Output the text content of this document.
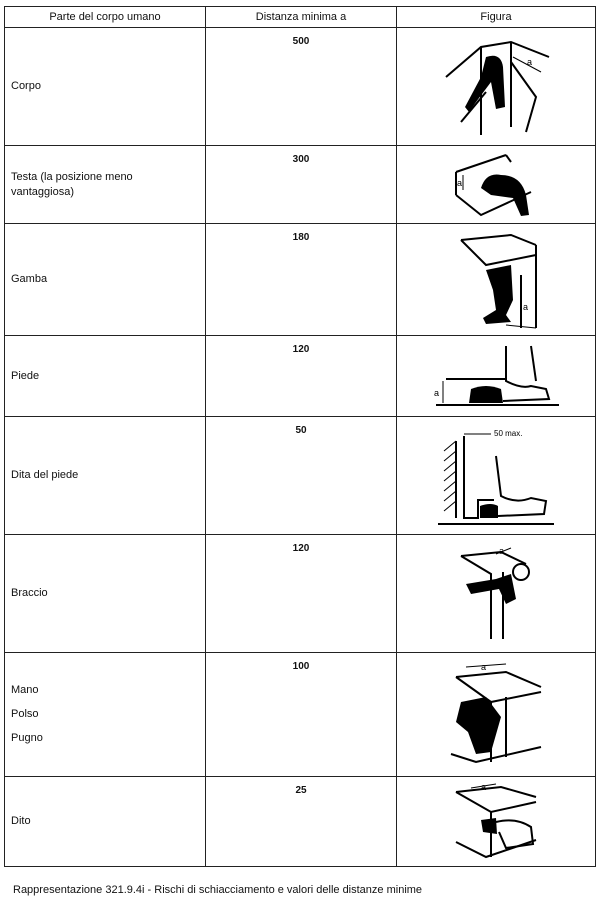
Parte del corpo umano	Distanza minima a	Figura

Corpo	500	a

Testa (la posizione meno
vantaggiosa)	300	a

Gamba	180	a

Piede	120	a

Dita del piede	50	50 max.

Braccio	120	a

Mano
Polso
Pugno	100	a

Dito	25	a
Rappresentazione 321.9.4i - Rischi di schiacciamento e valori delle distanze minime
